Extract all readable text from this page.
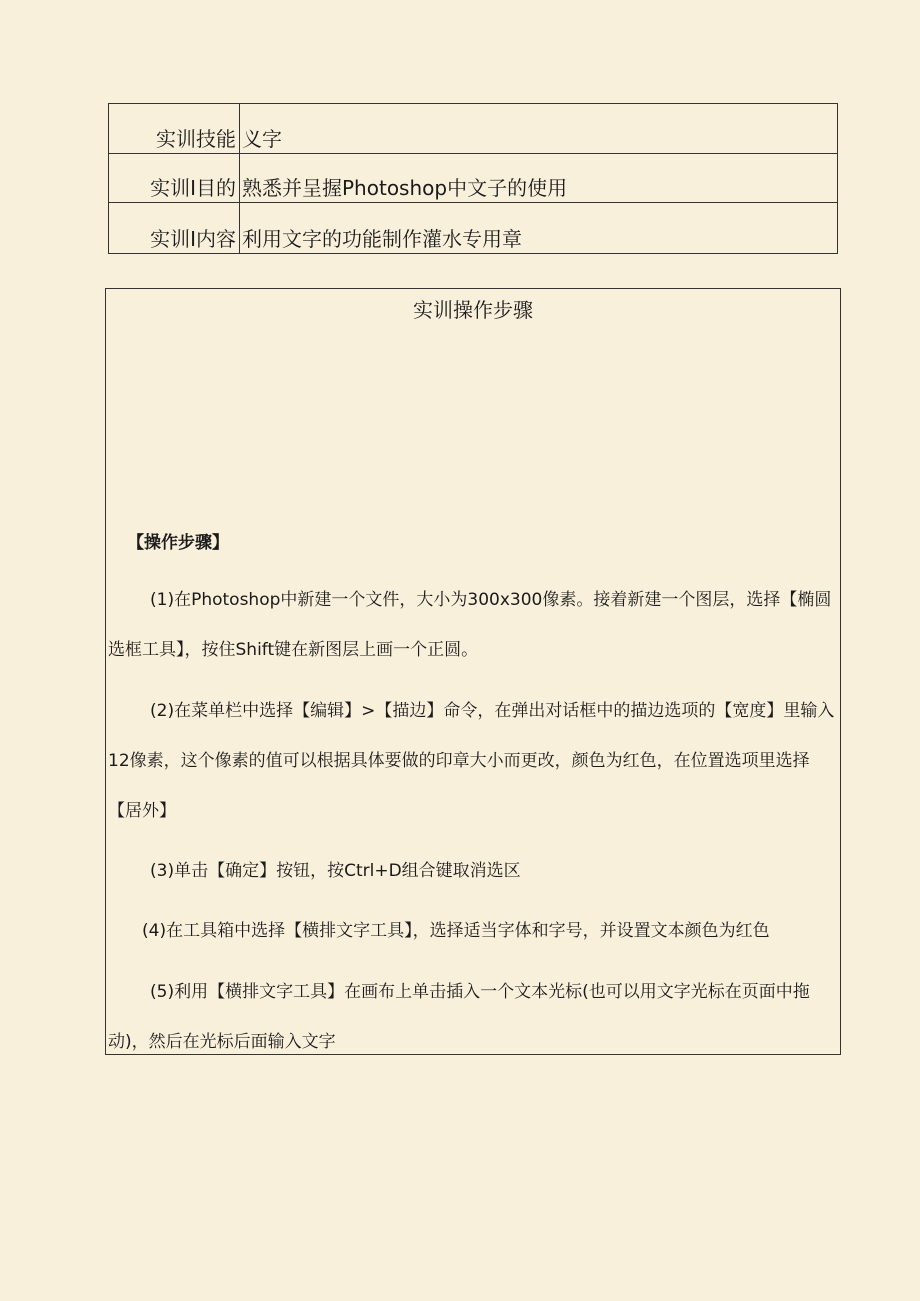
实训技能	义字
实训I目的	熟悉并呈握Photoshop中文子的使用
实训I内容	利用文字的功能制作灌水专用章
实训操作步骤
【操作步骤】

(1)在Photoshop中新建一个文件，大小为300x300像素。接着新建一个图层，选择【椭圆选框工具】，按住Shift键在新图层上画一个正圆。

(2)在菜单栏中选择【编辑】>【描边】命令，在弹出对话框中的描边选项的【宽度】里输入12像素，这个像素的值可以根据具体要做的印章大小而更改，颜色为红色，在位置选项里选择【居外】

(3)单击【确定】按钮，按Ctrl+D组合键取消选区

(4)在工具箱中选择【横排文字工具】，选择适当字体和字号，并设置文本颜色为红色

(5)利用【横排文字工具】在画布上单击插入一个文本光标(也可以用文字光标在页面中拖动)，然后在光标后面输入文字
